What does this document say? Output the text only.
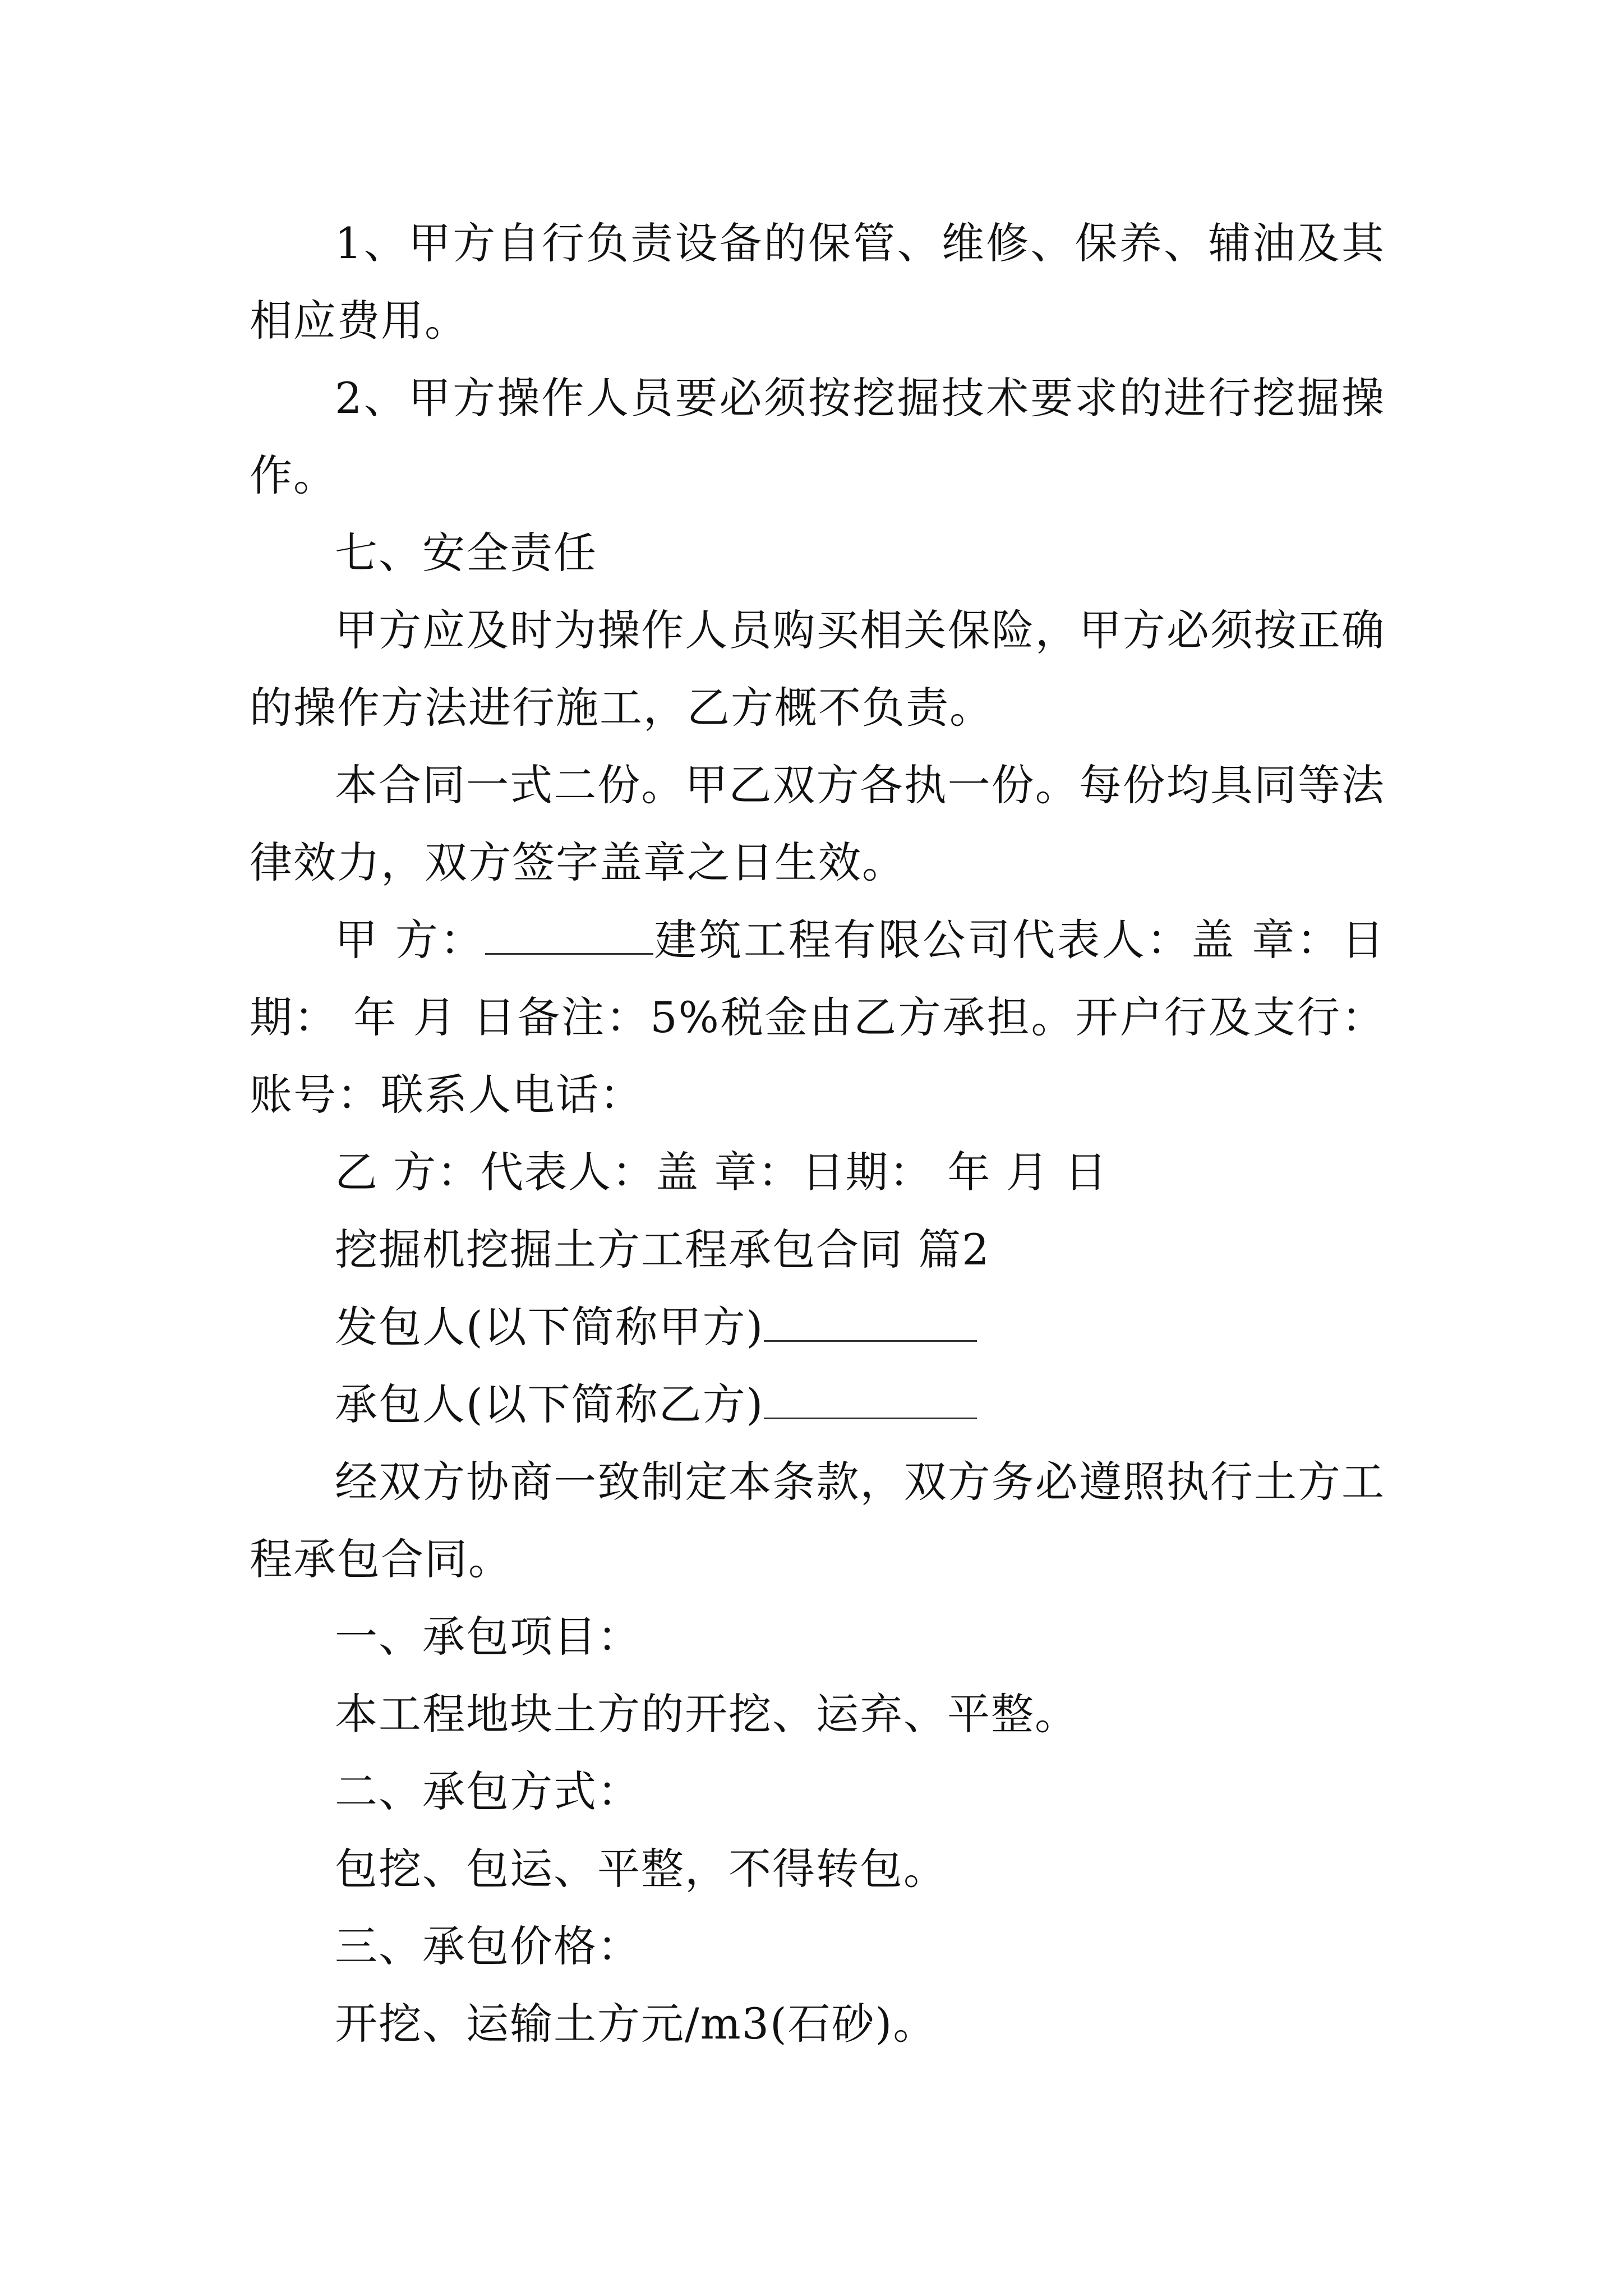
1、甲方自行负责设备的保管、维修、保养、辅油及其相应费用。

2、甲方操作人员要必须按挖掘技术要求的进行挖掘操作。

七、安全责任

甲方应及时为操作人员购买相关保险，甲方必须按正确的操作方法进行施工，乙方概不负责。

本合同一式二份。甲乙双方各执一份。每份均具同等法律效力，双方签字盖章之日生效。

甲 方：	建筑工程有限公司代表人：盖 章：日期： 年 月 日备注：5%税金由乙方承担。开户行及支行：账号：联系人电话：

乙 方：代表人：盖 章：日期： 年 月 日

挖掘机挖掘土方工程承包合同 篇2

发包人(以下简称甲方)

承包人(以下简称乙方)

经双方协商一致制定本条款，双方务必遵照执行土方工程承包合同。

一、承包项目：

本工程地块土方的开挖、运弃、平整。

二、承包方式：

包挖、包运、平整，不得转包。

三、承包价格：

开挖、运输土方元/m3(石砂)。
